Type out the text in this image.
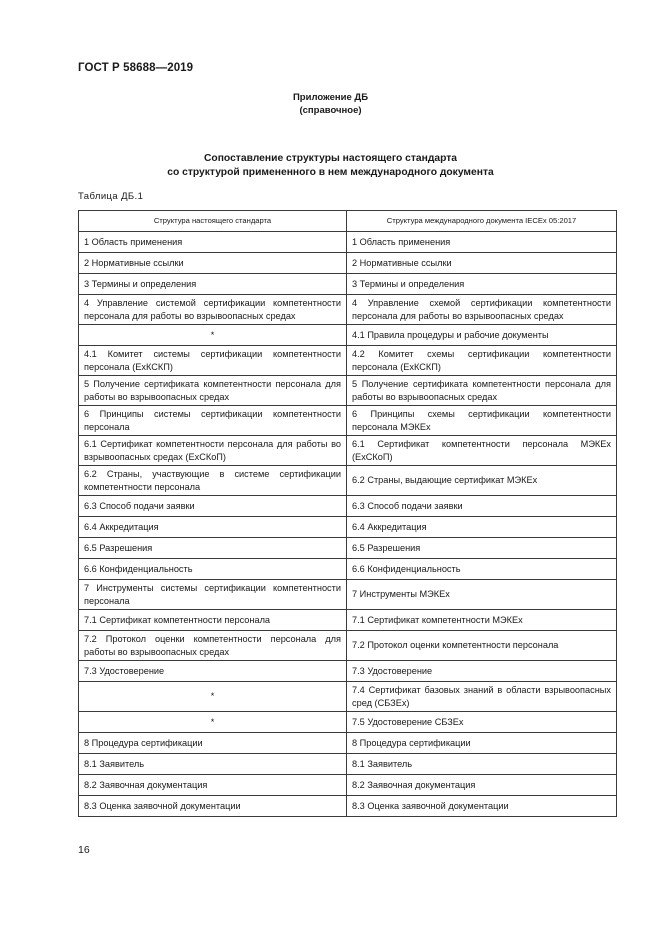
ГОСТ Р 58688—2019
Приложение ДБ
(справочное)
Сопоставление структуры настоящего стандарта
со структурой примененного в нем международного документа
Таблица ДБ.1
Структура настоящего стандарта	Структура международного документа IECEx 05:2017
1 Область применения	1 Область применения
2 Нормативные ссылки	2 Нормативные ссылки
3 Термины и определения	3 Термины и определения
4 Управление системой сертификации компетентности персонала для работы во взрывоопасных средах	4 Управление схемой сертификации компетентности персонала для работы во взрывоопасных средах
*	4.1 Правила процедуры и рабочие документы
4.1 Комитет системы сертификации компетентности персонала (ЕхКСКП)	4.2 Комитет схемы сертификации компетентности персонала (ЕхКСКП)
5 Получение сертификата компетентности персонала для работы во взрывоопасных средах	5 Получение сертификата компетентности персонала для работы во взрывоопасных средах
6 Принципы системы сертификации компетентности персонала	6 Принципы схемы сертификации компетентности персонала МЭКЕх
6.1 Сертификат компетентности персонала для работы во взрывоопасных средах (ЕхСКоП)	6.1 Сертификат компетентности персонала МЭКЕх (ЕхСКоП)
6.2 Страны, участвующие в системе сертификации компетентности персонала	6.2 Страны, выдающие сертификат МЭКЕх
6.3 Способ подачи заявки	6.3 Способ подачи заявки
6.4 Аккредитация	6.4 Аккредитация
6.5 Разрешения	6.5 Разрешения
6.6 Конфиденциальность	6.6 Конфиденциальность
7 Инструменты системы сертификации компетентности персонала	7 Инструменты МЭКЕх
7.1 Сертификат компетентности персонала	7.1 Сертификат компетентности МЭКЕх
7.2 Протокол оценки компетентности персонала для работы во взрывоопасных средах	7.2 Протокол оценки компетентности персонала
7.3 Удостоверение	7.3 Удостоверение
*	7.4 Сертификат базовых знаний в области взрывоопасных сред (СБЗЕх)
*	7.5 Удостоверение СБЗЕх
8 Процедура сертификации	8 Процедура сертификации
8.1 Заявитель	8.1 Заявитель
8.2 Заявочная документация	8.2 Заявочная документация
8.3 Оценка заявочной документации	8.3 Оценка заявочной документации
16
